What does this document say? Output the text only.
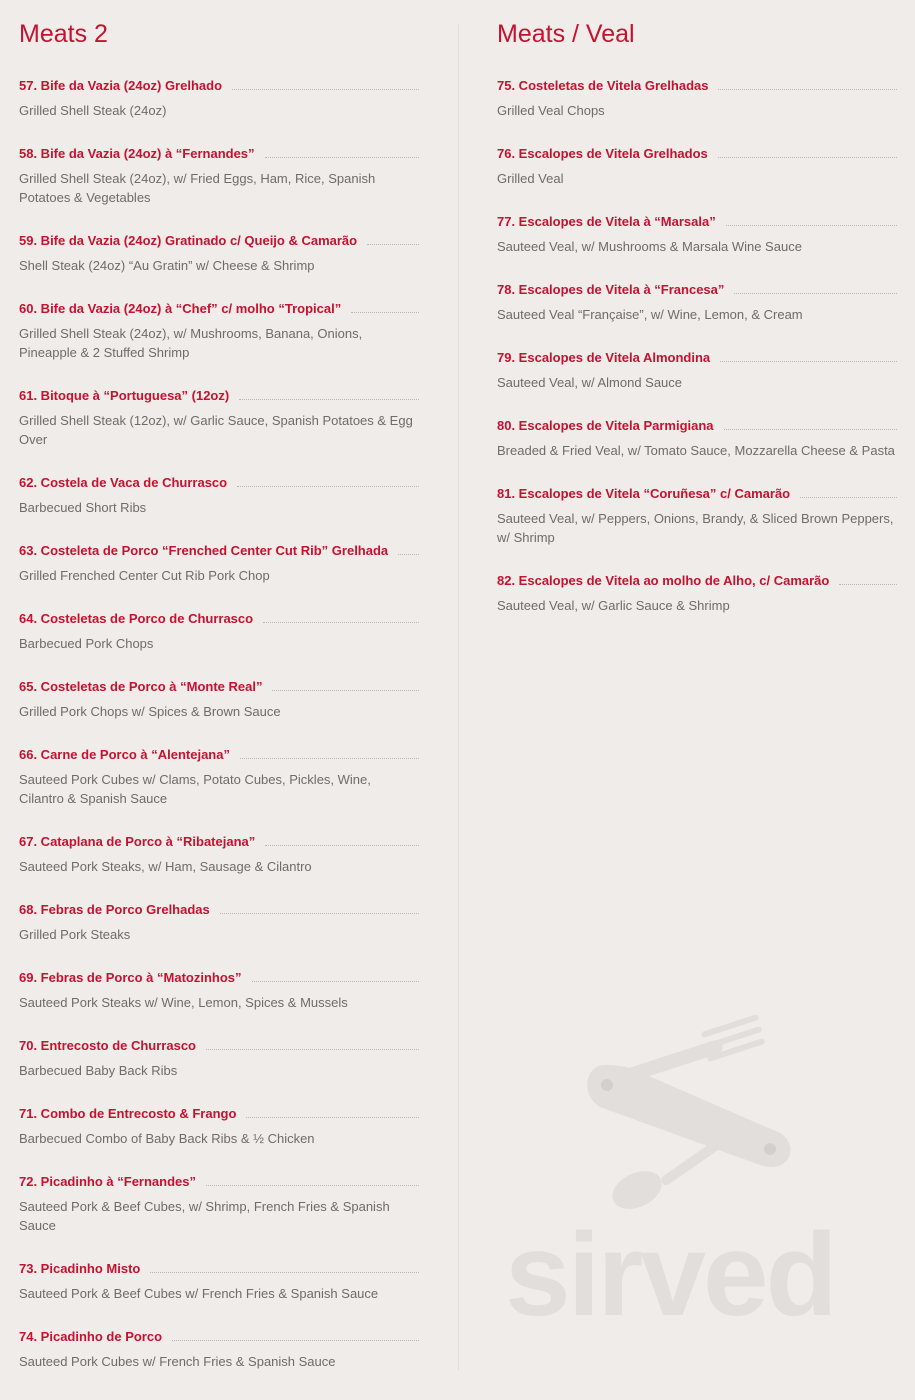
Meats 2
57. Bife da Vazia (24oz) Grelhado
Grilled Shell Steak (24oz)
58. Bife da Vazia (24oz) à “Fernandes”
Grilled Shell Steak (24oz), w/ Fried Eggs, Ham, Rice, Spanish Potatoes & Vegetables
59. Bife da Vazia (24oz) Gratinado c/ Queijo & Camarão
Shell Steak (24oz) “Au Gratin” w/ Cheese & Shrimp
60. Bife da Vazia (24oz) à “Chef” c/ molho “Tropical”
Grilled Shell Steak (24oz), w/ Mushrooms, Banana, Onions, Pineapple & 2 Stuffed Shrimp
61. Bitoque à “Portuguesa” (12oz)
Grilled Shell Steak (12oz), w/ Garlic Sauce, Spanish Potatoes & Egg Over
62. Costela de Vaca de Churrasco
Barbecued Short Ribs
63. Costeleta de Porco “Frenched Center Cut Rib” Grelhada
Grilled Frenched Center Cut Rib Pork Chop
64. Costeletas de Porco de Churrasco
Barbecued Pork Chops
65. Costeletas de Porco à “Monte Real”
Grilled Pork Chops w/ Spices & Brown Sauce
66. Carne de Porco à “Alentejana”
Sauteed Pork Cubes w/ Clams, Potato Cubes, Pickles, Wine, Cilantro & Spanish Sauce
67. Cataplana de Porco à “Ribatejana”
Sauteed Pork Steaks, w/ Ham, Sausage & Cilantro
68. Febras de Porco Grelhadas
Grilled Pork Steaks
69. Febras de Porco à “Matozinhos”
Sauteed Pork Steaks w/ Wine, Lemon, Spices & Mussels
70. Entrecosto de Churrasco
Barbecued Baby Back Ribs
71. Combo de Entrecosto & Frango
Barbecued Combo of Baby Back Ribs & ½ Chicken
72. Picadinho à “Fernandes”
Sauteed Pork & Beef Cubes, w/ Shrimp, French Fries & Spanish Sauce
73. Picadinho Misto
Sauteed Pork & Beef Cubes w/ French Fries & Spanish Sauce
74. Picadinho de Porco
Sauteed Pork Cubes w/ French Fries & Spanish Sauce
Meats / Veal
75. Costeletas de Vitela Grelhadas
Grilled Veal Chops
76. Escalopes de Vitela Grelhados
Grilled Veal
77. Escalopes de Vitela à “Marsala”
Sauteed Veal, w/ Mushrooms & Marsala Wine Sauce
78. Escalopes de Vitela à “Francesa”
Sauteed Veal “Française”, w/ Wine, Lemon, & Cream
79. Escalopes de Vitela Almondina
Sauteed Veal, w/ Almond Sauce
80. Escalopes de Vitela Parmigiana
Breaded & Fried Veal, w/ Tomato Sauce, Mozzarella Cheese & Pasta
81. Escalopes de Vitela “Coruñesa” c/ Camarão
Sauteed Veal, w/ Peppers, Onions, Brandy, & Sliced Brown Peppers, w/ Shrimp
82. Escalopes de Vitela ao molho de Alho, c/ Camarão
Sauteed Veal, w/ Garlic Sauce & Shrimp
sirved
